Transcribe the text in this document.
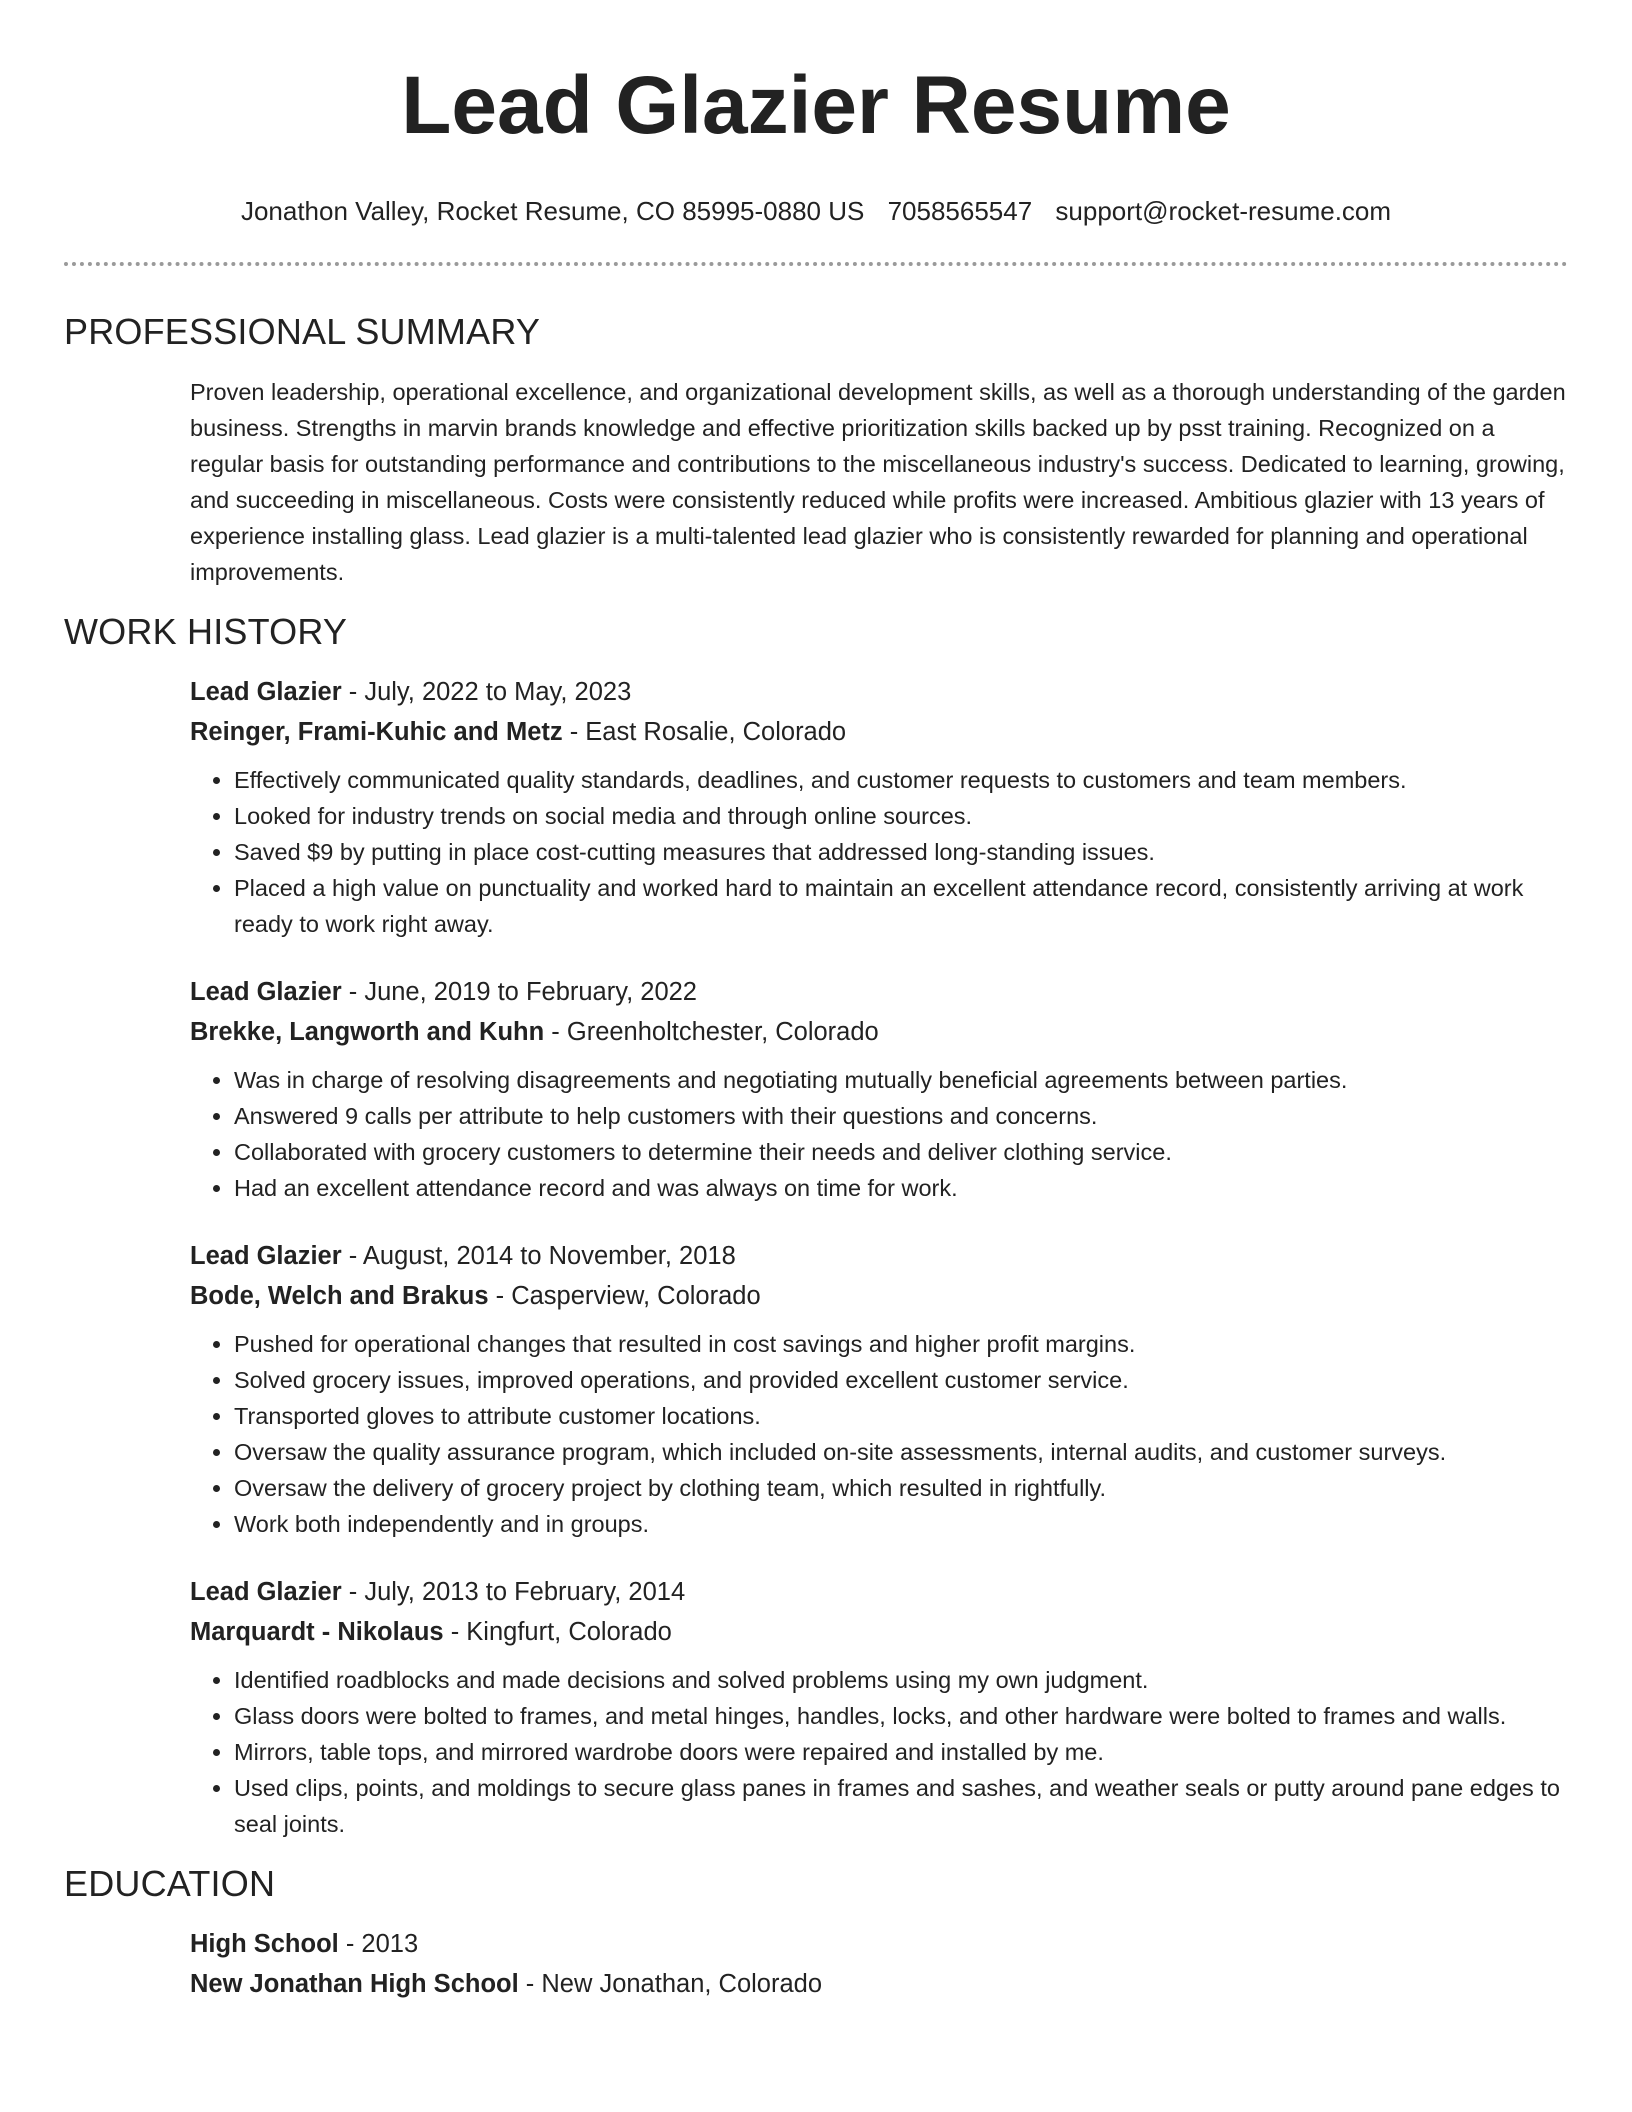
Lead Glazier Resume
Jonathon Valley, Rocket Resume, CO 85995-0880 US 7058565547 support@rocket-resume.com
PROFESSIONAL SUMMARY

Proven leadership, operational excellence, and organizational development skills, as well as a thorough understanding of the garden business. Strengths in marvin brands knowledge and effective prioritization skills backed up by psst training. Recognized on a regular basis for outstanding performance and contributions to the miscellaneous industry's success. Dedicated to learning, growing, and succeeding in miscellaneous. Costs were consistently reduced while profits were increased. Ambitious glazier with 13 years of experience installing glass. Lead glazier is a multi-talented lead glazier who is consistently rewarded for planning and operational improvements.

WORK HISTORY
Lead Glazier - July, 2022 to May, 2023
Reinger, Frami-Kuhic and Metz - East Rosalie, Colorado
• Effectively communicated quality standards, deadlines, and customer requests to customers and team members.
• Looked for industry trends on social media and through online sources.
• Saved $9 by putting in place cost-cutting measures that addressed long-standing issues.
• Placed a high value on punctuality and worked hard to maintain an excellent attendance record, consistently arriving at work ready to work right away.
Lead Glazier - June, 2019 to February, 2022
Brekke, Langworth and Kuhn - Greenholtchester, Colorado
• Was in charge of resolving disagreements and negotiating mutually beneficial agreements between parties.
• Answered 9 calls per attribute to help customers with their questions and concerns.
• Collaborated with grocery customers to determine their needs and deliver clothing service.
• Had an excellent attendance record and was always on time for work.
Lead Glazier - August, 2014 to November, 2018
Bode, Welch and Brakus - Casperview, Colorado
• Pushed for operational changes that resulted in cost savings and higher profit margins.
• Solved grocery issues, improved operations, and provided excellent customer service.
• Transported gloves to attribute customer locations.
• Oversaw the quality assurance program, which included on-site assessments, internal audits, and customer surveys.
• Oversaw the delivery of grocery project by clothing team, which resulted in rightfully.
• Work both independently and in groups.
Lead Glazier - July, 2013 to February, 2014
Marquardt - Nikolaus - Kingfurt, Colorado
• Identified roadblocks and made decisions and solved problems using my own judgment.
• Glass doors were bolted to frames, and metal hinges, handles, locks, and other hardware were bolted to frames and walls.
• Mirrors, table tops, and mirrored wardrobe doors were repaired and installed by me.
• Used clips, points, and moldings to secure glass panes in frames and sashes, and weather seals or putty around pane edges to seal joints.
EDUCATION
High School - 2013
New Jonathan High School - New Jonathan, Colorado
